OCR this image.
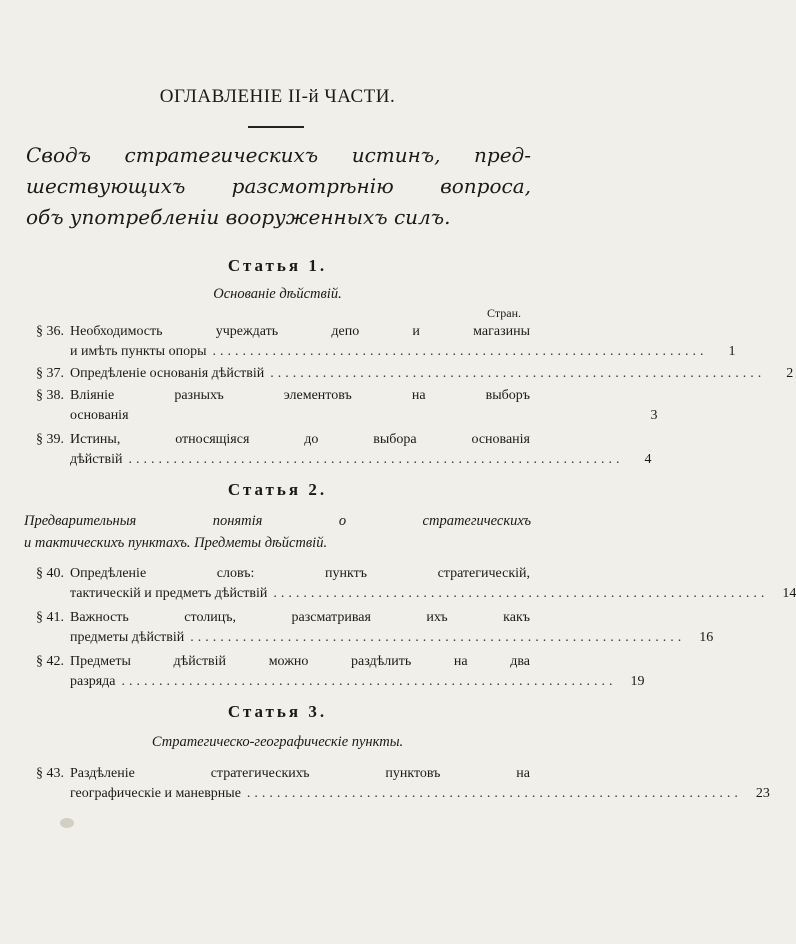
ОГЛАВЛЕНІЕ II-й ЧАСТИ.
Сводъ стратегическихъ истинъ, пред-
шествующихъ разсмотрѣнію вопроса,
объ употребленіи вооруженныхъ силъ.
Статья 1.
Основаніе дѣйствій.
Стран.
§ 36. Необходимость учреждать депо и магазины
и имѣть пункты опоры ..................................................................	1
§ 37. Опредѣленіе основанія дѣйствій ..................................................................	2
§ 38. Вліяніе разныхъ элементовъ на выборъ
основанія	3
§ 39. Истины, относящіяся до выбора основанія
дѣйствій ..................................................................	4
Статья 2.
Предварительныя понятія о стратегическихъ
и тактическихъ пунктахъ. Предметы дѣйствій.
§ 40. Опредѣленіе словъ: пунктъ стратегическій,
тактическій и предметъ дѣйствій ..................................................................	14
§ 41. Важность столицъ, разсматривая ихъ какъ
предметы дѣйствій ..................................................................	16
§ 42. Предметы дѣйствій можно раздѣлить на два
разряда ..................................................................	19
Статья 3.
Стратегическо-географическіе пункты.
§ 43. Раздѣленіе стратегическихъ пунктовъ на
географическіе и маневрные ..................................................................	23
